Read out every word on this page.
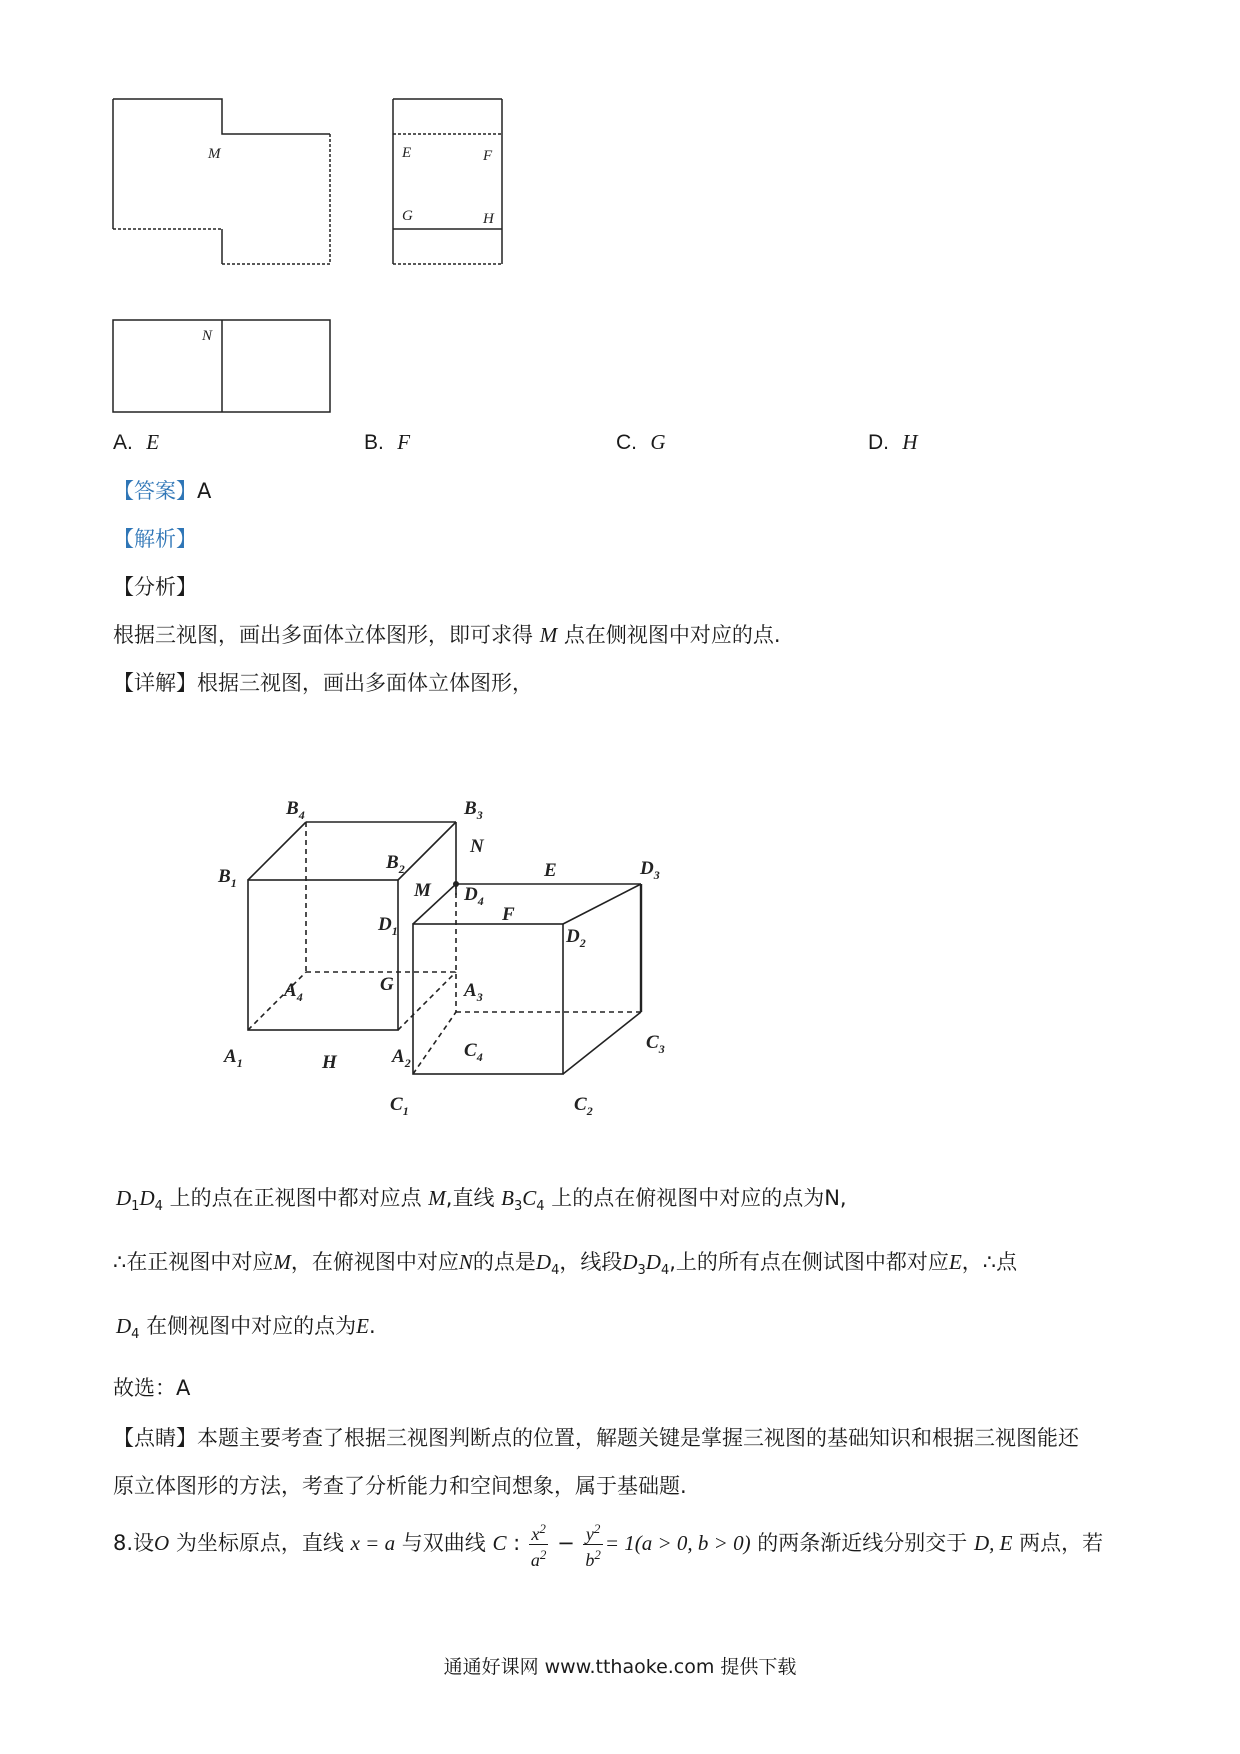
M	E	F
G	H
N
A. E	B. F	C. G	D. H
【答案】A
【解析】
【分析】
根据三视图，画出多面体立体图形，即可求得 M 点在侧视图中对应的点.
【详解】根据三视图，画出多面体立体图形，
$B_4$	$B_3$
$B_1$
$B_2$
N
E	$D_3$
M $D_4$
$D_1$
F
$D_2$
G
$A_4$	$A_3$
$A_1$	H	$A_2$
$C_4$
$C_3$
$C_1$	$C_2$
$D_1D_4$ 上的点在正视图中都对应点 M,直线 $B_3C_4$ 上的点在俯视图中对应的点为N,
∴在正视图中对应M，在俯视图中对应N的点是$D_4$，线段$D_3D_4$,上的所有点在侧试图中都对应E，∴点
$D_4$ 在侧视图中对应的点为E.
故选：A
【点睛】本题主要考查了根据三视图判断点的位置，解题关键是掌握三视图的基础知识和根据三视图能还
原立体图形的方法，考查了分析能力和空间想象，属于基础题.
8.设O 为坐标原点，直线 x = a 与双曲线 C : $\frac{x^2}{a^2} - \frac{y^2}{b^2} = 1(a > 0$, b > 0) 的两条渐近线分别交于 D, E 两点，若
通通好课网 www.tthaoke.com 提供下载
